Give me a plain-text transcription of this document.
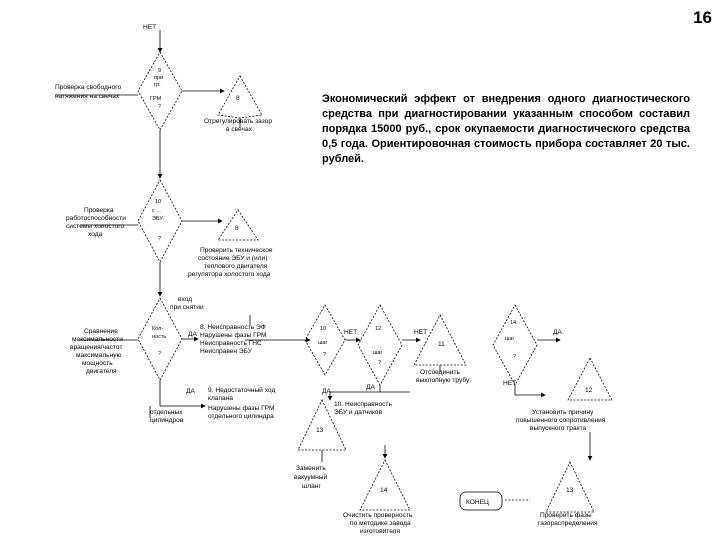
16
Экономический эффект от внедрения одного диагностического средства при диагностировании указанным способом составил порядка 15000 руб., срок окупаемости диагностического средства 0,5 года. Ориентировочная стоимость прибора составляет 20 тыс. рублей.
НЕТ
НЕТ	НЕТ
НЕТ
ДА
ДА	ДА
ДА
ДА
Проверка свободного
натяжения на свечах
9
при
гр.
ГРМ
?
8
Отрегулировать зазор
в свечах
Проверка
работоспособности
системы холостого
хода
10
с ...
ЭБУ
?
8
Проверить техническое
состояние ЭБУ и (или)
теплового двигателя
регулятора холостого хода
вход
при снятии
Сравнение
максимальности
вращения/частот
максимальную
мощность
двигателя
Кол-
ность
?
8. Неисправность ЭФ
Нарушены фазы ГРМ
Неисправность ГНС
Неисправен ЭБУ
9. Недостаточный ход
клапана
Нарушены фазы ГРМ
отдельного цилиндра
отдельных
цилиндров
10
шаг
?
12
шаг
?
11
Отсоединить
выхлопную трубу
13
10. Неисправность
ЭБУ и датчиков
Заменить
вакуумный
шланг
14
Очистить проверность
по методике завода
изготовителя
КОНЕЦ
14
шаг
?
12
Установить причину
повышенного сопротивления
выпускного тракта
13
Проверить фазы
газораспределения
